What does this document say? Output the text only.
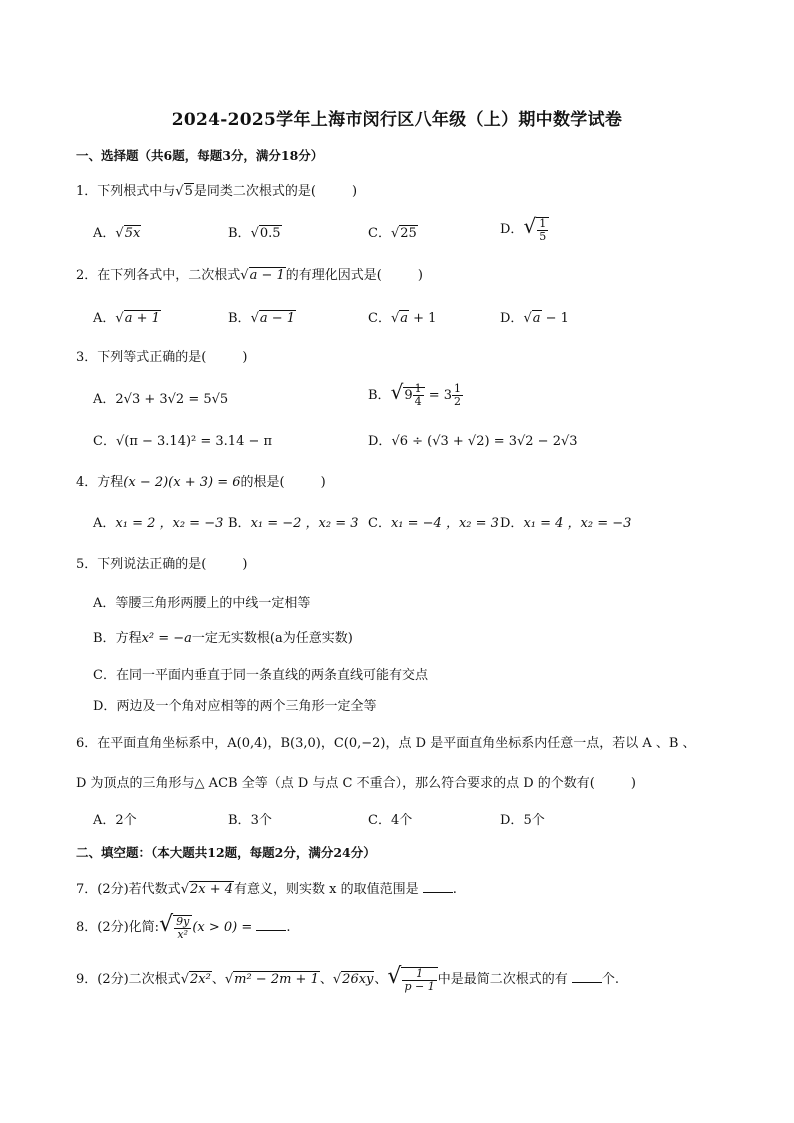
2024-2025学年上海市闵行区八年级（上）期中数学试卷
一、选择题（共6题，每题3分，满分18分）
1．下列根式中与√5是同类二次根式的是(	)
A．√5x	B．√0.5	C．√25	D．√ $\frac{1}{5}$
2．在下列各式中，二次根式√a − 1的有理化因式是(	)
A．√a + 1	B．√a − 1	C．√a + 1	D．√a − 1
3．下列等式正确的是(	)
A．2√3 + 3√2 = 5√5	B．$√9 \frac{1}{4} = 3 \frac{1}{2}$
C．√(π − 3.14)² = 3.14 − π	D．√6 ÷ (√3 + √2) = 3√2 − 2√3
4．方程(x − 2)(x + 3) = 6的根是(	)
A．x₁ = 2 ，x₂ = −3 B．x₁ = −2 ，x₂ = 3 C．x₁ = −4 ，x₂ = 3 D．x₁ = 4 ，x₂ = −3
5．下列说法正确的是(	)
A．等腰三角形两腰上的中线一定相等
B．方程x² = −a一定无实数根(a为任意实数)
C．在同一平面内垂直于同一条直线的两条直线可能有交点
D．两边及一个角对应相等的两个三角形一定全等
6．在平面直角坐标系中，A(0,4)，B(3,0)，C(0,−2)，点 D 是平面直角坐标系内任意一点，若以 A 、B 、
D 为顶点的三角形与△ ACB 全等（点 D 与点 C 不重合），那么符合要求的点 D 的个数有(	)
A．2个	B．3个	C．4个	D．5个
二、填空题：（本大题共12题，每题2分，满分24分）
7．(2分)若代数式√2x + 4有意义，则实数 x 的取值范围是	.
8．(2分)化简:√ $\frac{9y}{\text{x²}} (x > 0)$ =	.
9．(2分)二次根式√2x²、√m² − 2m + 1、√26xy、√ $\frac{1}{p - 1}$ 中是最简二次根式的有	个.
